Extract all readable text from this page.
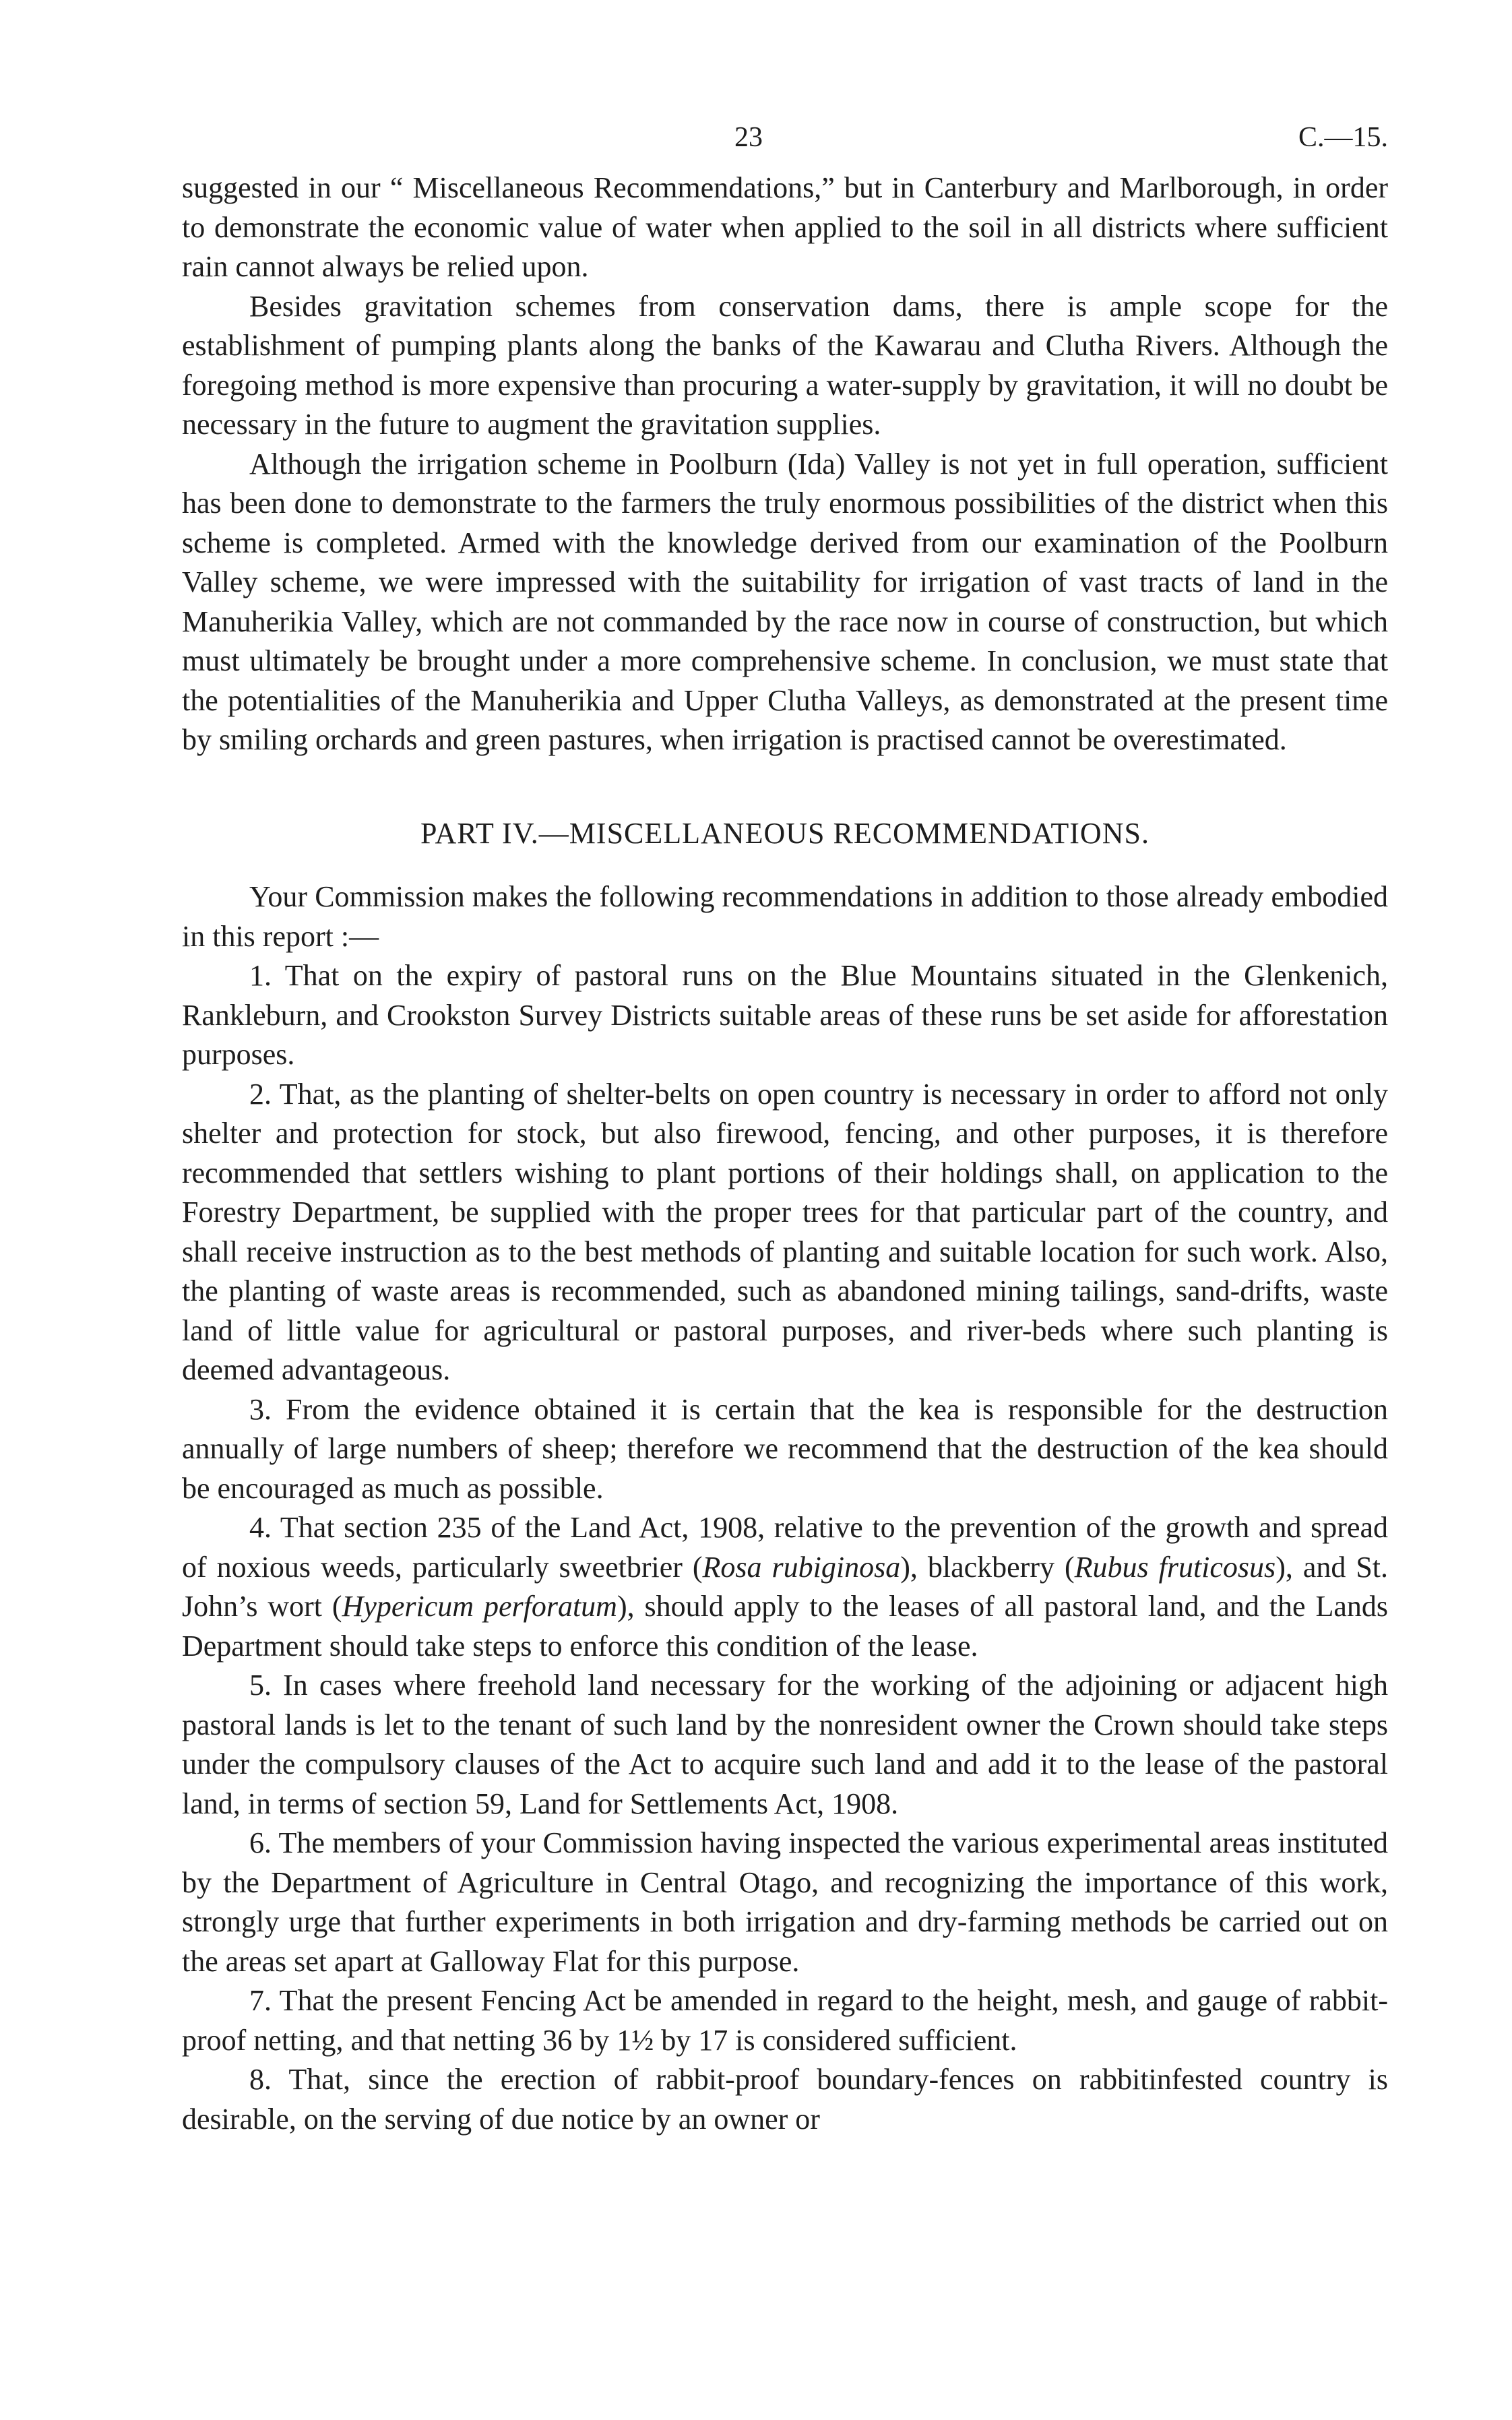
23	C.—15.

suggested in our “ Miscellaneous Recommendations,” but in Canterbury and Marlborough, in order to demonstrate the economic value of water when applied to the soil in all districts where sufficient rain cannot always be relied upon.

Besides gravitation schemes from conservation dams, there is ample scope for the establishment of pumping plants along the banks of the Kawarau and Clutha Rivers. Although the foregoing method is more expensive than procuring a water-supply by gravitation, it will no doubt be necessary in the future to augment the gravitation supplies.

Although the irrigation scheme in Poolburn (Ida) Valley is not yet in full operation, sufficient has been done to demonstrate to the farmers the truly enormous possibilities of the district when this scheme is completed. Armed with the knowledge derived from our examination of the Poolburn Valley scheme, we were impressed with the suitability for irrigation of vast tracts of land in the Manuherikia Valley, which are not commanded by the race now in course of construction, but which must ultimately be brought under a more comprehensive scheme. In conclusion, we must state that the potentialities of the Manuherikia and Upper Clutha Valleys, as demonstrated at the present time by smiling orchards and green pastures, when irrigation is practised cannot be overestimated.

PART IV.—MISCELLANEOUS RECOMMENDATIONS.

Your Commission makes the following recommendations in addition to those already embodied in this report :—

1. That on the expiry of pastoral runs on the Blue Mountains situated in the Glenkenich, Rankleburn, and Crookston Survey Districts suitable areas of these runs be set aside for afforestation purposes.

2. That, as the planting of shelter-belts on open country is necessary in order to afford not only shelter and protection for stock, but also firewood, fencing, and other purposes, it is therefore recommended that settlers wishing to plant portions of their holdings shall, on application to the Forestry Department, be supplied with the proper trees for that particular part of the country, and shall receive instruction as to the best methods of planting and suitable location for such work. Also, the planting of waste areas is recommended, such as abandoned mining tailings, sand-drifts, waste land of little value for agricultural or pastoral purposes, and river-beds where such planting is deemed advantageous.

3. From the evidence obtained it is certain that the kea is responsible for the destruction annually of large numbers of sheep; therefore we recommend that the destruction of the kea should be encouraged as much as possible.

4. That section 235 of the Land Act, 1908, relative to the prevention of the growth and spread of noxious weeds, particularly sweetbrier (Rosa rubiginosa), blackberry (Rubus fruticosus), and St. John’s wort (Hypericum perforatum), should apply to the leases of all pastoral land, and the Lands Department should take steps to enforce this condition of the lease.

5. In cases where freehold land necessary for the working of the adjoining or adjacent high pastoral lands is let to the tenant of such land by the nonresident owner the Crown should take steps under the compulsory clauses of the Act to acquire such land and add it to the lease of the pastoral land, in terms of section 59, Land for Settlements Act, 1908.

6. The members of your Commission having inspected the various experimental areas instituted by the Department of Agriculture in Central Otago, and recognizing the importance of this work, strongly urge that further experiments in both irrigation and dry-farming methods be carried out on the areas set apart at Galloway Flat for this purpose.

7. That the present Fencing Act be amended in regard to the height, mesh, and gauge of rabbit-proof netting, and that netting 36 by 1½ by 17 is considered sufficient.

8. That, since the erection of rabbit-proof boundary-fences on rabbitinfested country is desirable, on the serving of due notice by an owner or
